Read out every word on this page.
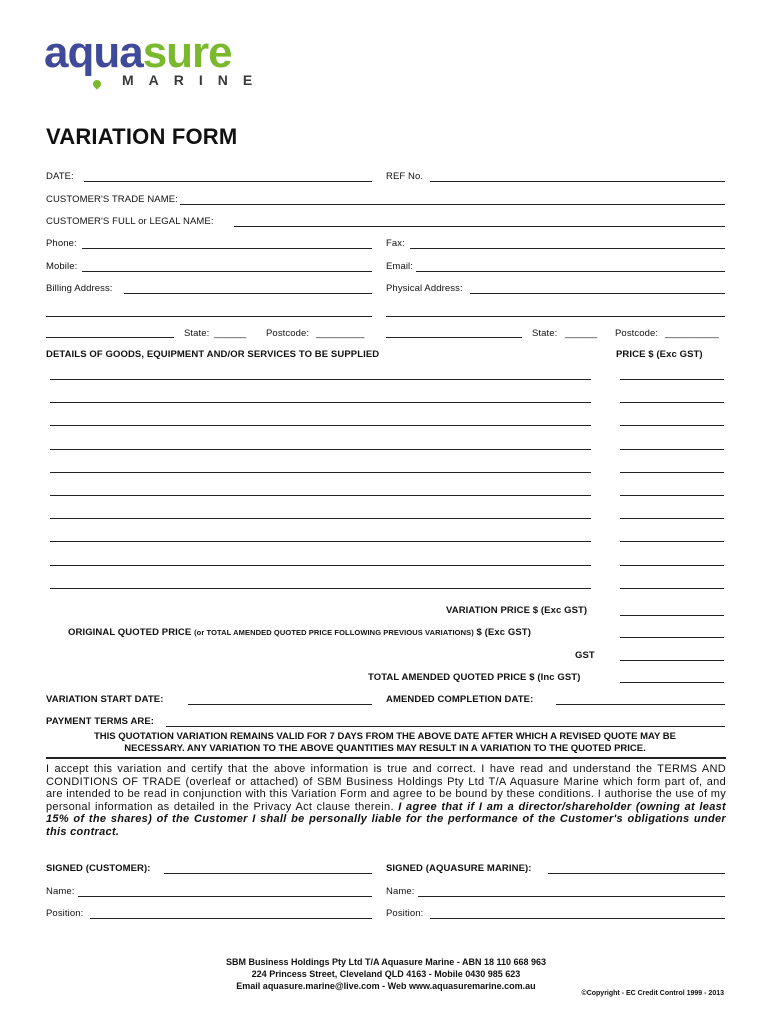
aquasure
MARINE
VARIATION FORM
DATE:	REF No.
CUSTOMER'S TRADE NAME:
CUSTOMER'S FULL or LEGAL NAME:
Phone:	Fax:
Mobile:	Email:
Billing Address:	Physical Address:
State: ______ Postcode: _________	State: ______ Postcode: __________
DETAILS OF GOODS, EQUIPMENT AND/OR SERVICES TO BE SUPPLIED	PRICE $ (Exc GST)
VARIATION PRICE $ (Exc GST)
ORIGINAL QUOTED PRICE (or TOTAL AMENDED QUOTED PRICE FOLLOWING PREVIOUS VARIATIONS) $ (Exc GST)
GST
TOTAL AMENDED QUOTED PRICE $ (Inc GST)
VARIATION START DATE:	AMENDED COMPLETION DATE:
PAYMENT TERMS ARE:
THIS QUOTATION VARIATION REMAINS VALID FOR 7 DAYS FROM THE ABOVE DATE AFTER WHICH A REVISED QUOTE MAY BE
NECESSARY. ANY VARIATION TO THE ABOVE QUANTITIES MAY RESULT IN A VARIATION TO THE QUOTED PRICE.
I accept this variation and certify that the above information is true and correct. I have read and understand the TERMS AND CONDITIONS OF TRADE (overleaf or attached) of SBM Business Holdings Pty Ltd T/A Aquasure Marine which form part of, and are intended to be read in conjunction with this Variation Form and agree to be bound by these conditions. I authorise the use of my personal information as detailed in the Privacy Act clause therein. I agree that if I am a director/shareholder (owning at least 15% of the shares) of the Customer I shall be personally liable for the performance of the Customer's obligations under this contract.
SIGNED (CUSTOMER):	SIGNED (AQUASURE MARINE):
Name:	Name:
Position:	Position:
SBM Business Holdings Pty Ltd T/A Aquasure Marine - ABN 18 110 668 963
224 Princess Street, Cleveland QLD 4163 - Mobile 0430 985 623
Email aquasure.marine@live.com - Web www.aquasuremarine.com.au
©Copyright - EC Credit Control 1999 - 2013
